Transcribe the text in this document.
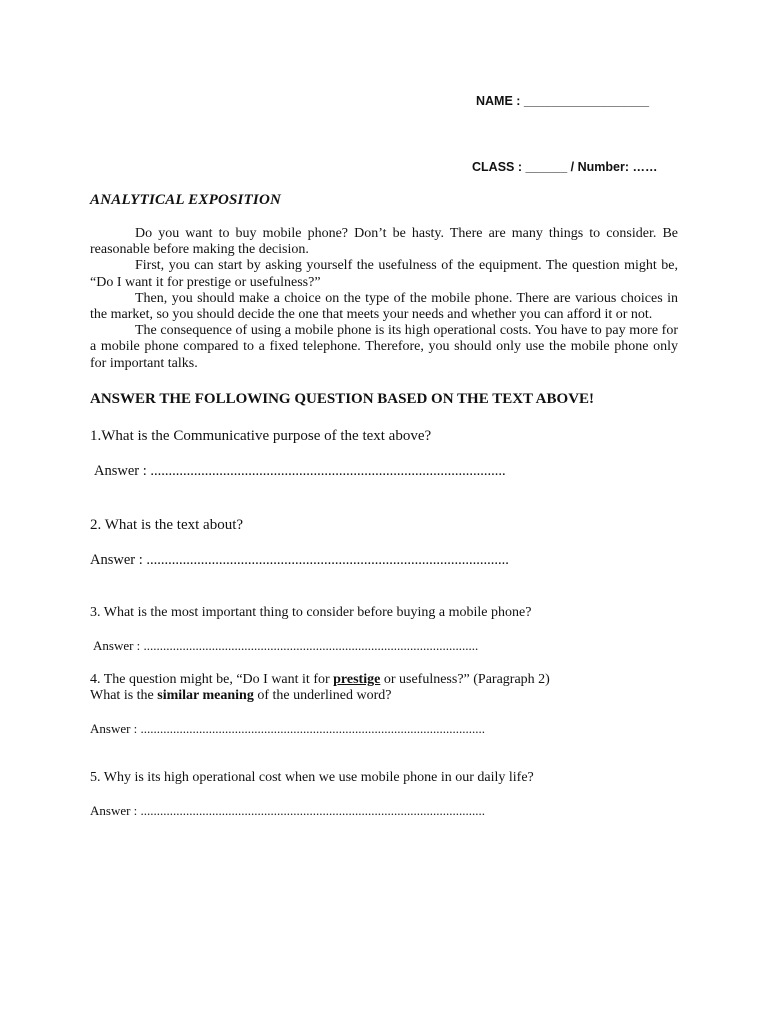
NAME : __________________
CLASS : ______ / Number: ……
ANALYTICAL EXPOSITION

Do you want to buy mobile phone? Don’t be hasty. There are many things to consider. Be reasonable before making the decision.

First, you can start by asking yourself the usefulness of the equipment. The question might be, “Do I want it for prestige or usefulness?”

Then, you should make a choice on the type of the mobile phone. There are various choices in the market, so you should decide the one that meets your needs and whether you can afford it or not.

The consequence of using a mobile phone is its high operational costs. You have to pay more for a mobile phone compared to a fixed telephone. Therefore, you should only use the mobile phone only for important talks.

ANSWER THE FOLLOWING QUESTION BASED ON THE TEXT ABOVE!
1.What is the Communicative purpose of the text above?
Answer : ..................................................................................................
2. What is the text about?
Answer : ....................................................................................................
3. What is the most important thing to consider before buying a mobile phone?
Answer : .......................................................................................................
4. The question might be, “Do I want it for prestige or usefulness?” (Paragraph 2)
What is the similar meaning of the underlined word?
Answer : ..........................................................................................................
5. Why is its high operational cost when we use mobile phone in our daily life?
Answer : ..........................................................................................................
